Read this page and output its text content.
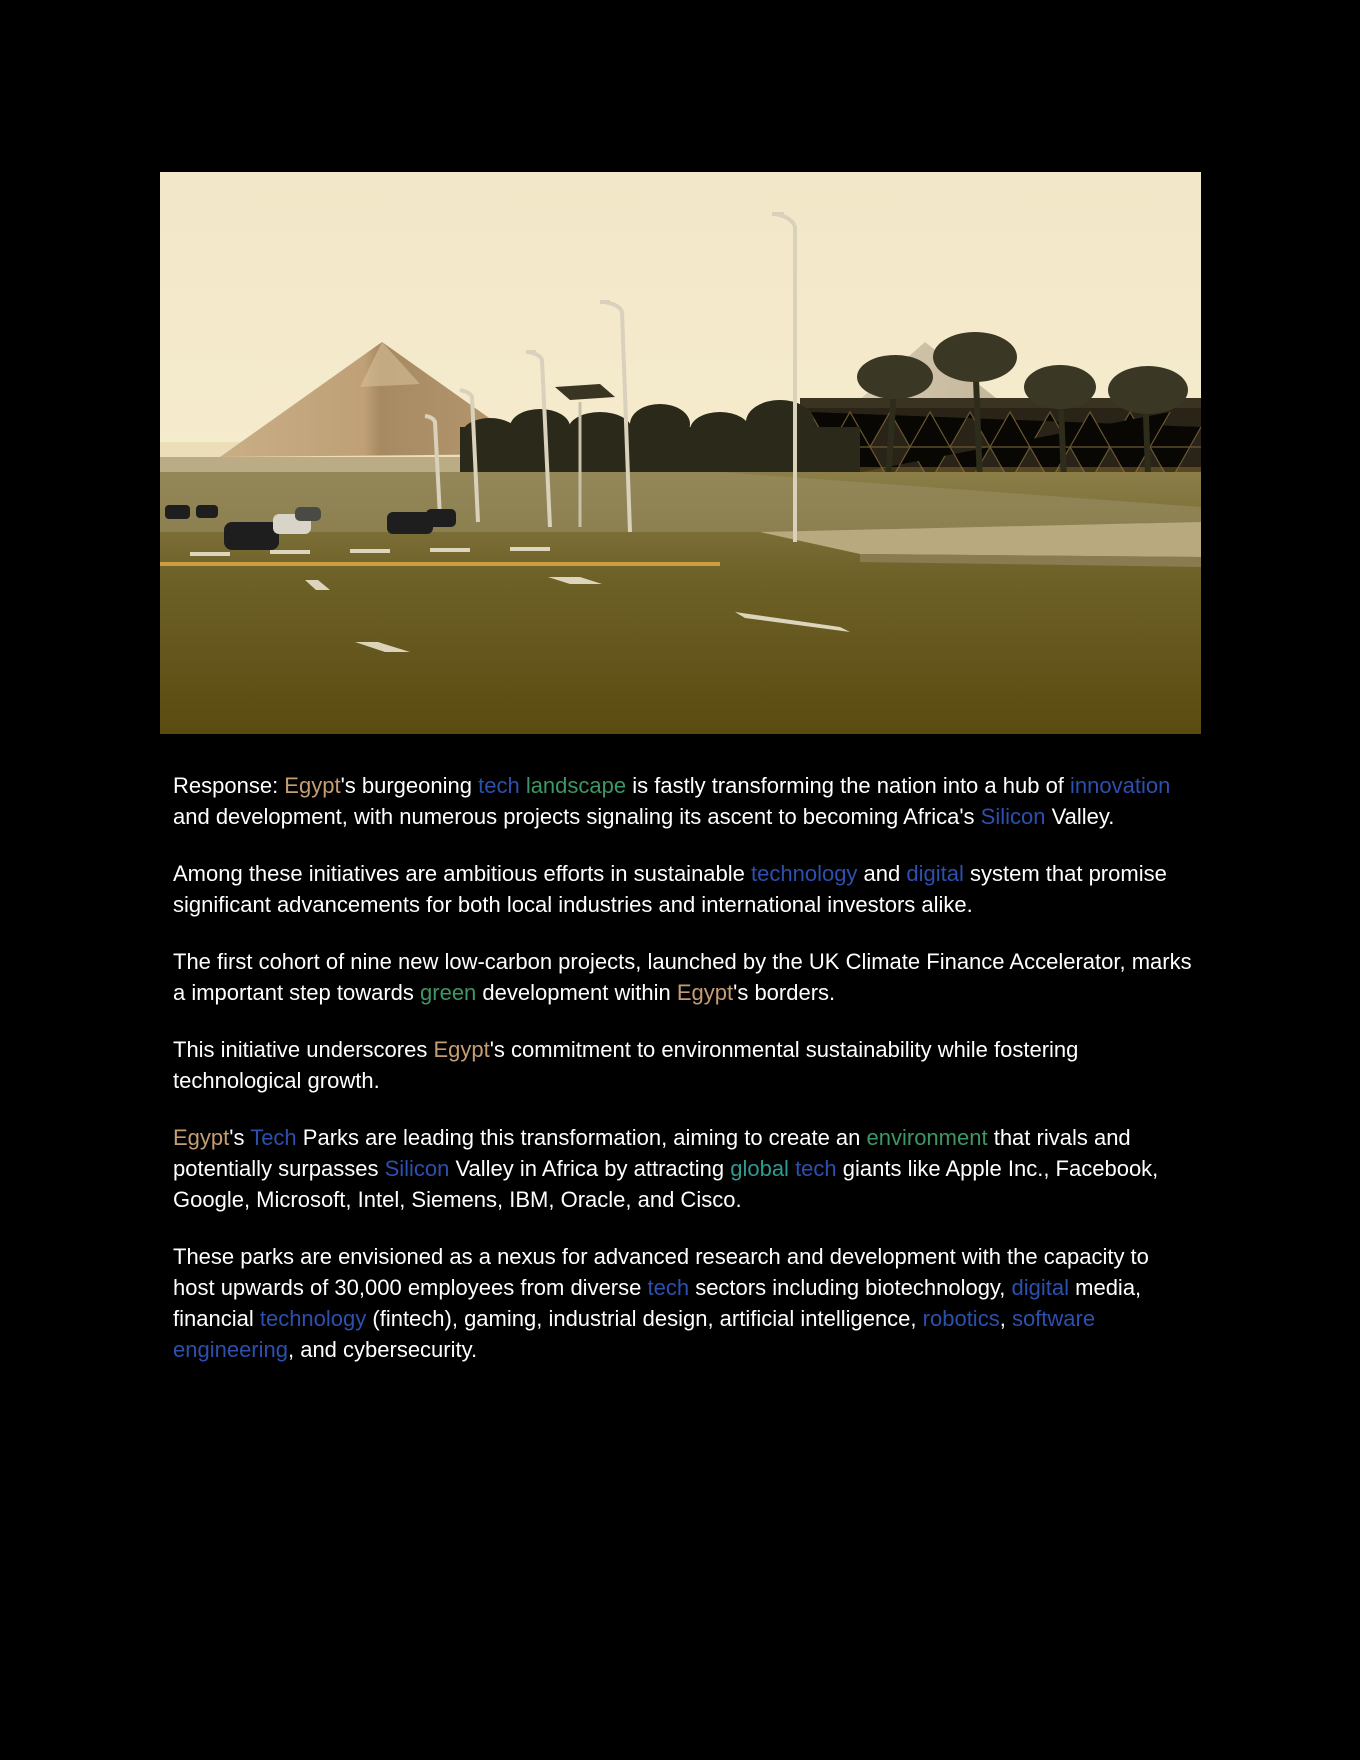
Response: Egypt's burgeoning tech landscape is fastly transforming the nation into a hub of innovation and development, with numerous projects signaling its ascent to becoming Africa's Silicon Valley.

Among these initiatives are ambitious efforts in sustainable technology and digital system that promise significant advancements for both local industries and international investors alike.

The first cohort of nine new low-carbon projects, launched by the UK Climate Finance Accelerator, marks a important step towards green development within Egypt's borders.

This initiative underscores Egypt's commitment to environmental sustainability while fostering technological growth.

Egypt's Tech Parks are leading this transformation, aiming to create an environment that rivals and potentially surpasses Silicon Valley in Africa by attracting global tech giants like Apple Inc., Facebook, Google, Microsoft, Intel, Siemens, IBM, Oracle, and Cisco.

These parks are envisioned as a nexus for advanced research and development with the capacity to host upwards of 30,000 employees from diverse tech sectors including biotechnology, digital media, financial technology (fintech), gaming, industrial design, artificial intelligence, robotics, software engineering, and cybersecurity.
